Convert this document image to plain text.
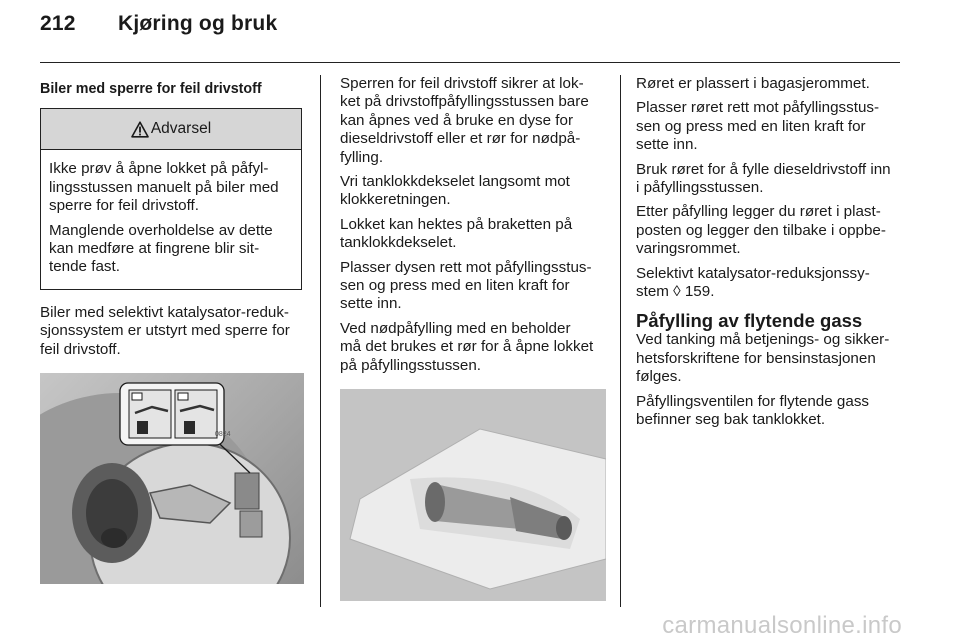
212 Kjøring og bruk
Biler med sperre for feil drivstoff
Advarsel

Ikke prøv å åpne lokket på påfyl-
lingsstussen manuelt på biler med
sperre for feil drivstoff.

Manglende overholdelse av dette
kan medføre at fingrene blir sit-
tende fast.

Biler med selektivt katalysator-reduk-
sjonssystem er utstyrt med sperre for
feil drivstoff.

0824

Sperren for feil drivstoff sikrer at lok-
ket på drivstoffpåfyllingsstussen bare
kan åpnes ved å bruke en dyse for
dieseldrivstoff eller et rør for nødpå-
fylling.

Vri tanklokkdekselet langsomt mot
klokkeretningen.

Lokket kan hektes på braketten på
tanklokkdekselet.

Plasser dysen rett mot påfyllingsstus-
sen og press med en liten kraft for
sette inn.

Ved nødpåfylling med en beholder
må det brukes et rør for å åpne lokket
på påfyllingsstussen.

Røret er plassert i bagasjerommet.

Plasser røret rett mot påfyllingsstus-
sen og press med en liten kraft for
sette inn.

Bruk røret for å fylle dieseldrivstoff inn
i påfyllingsstussen.

Etter påfylling legger du røret i plast-
posten og legger den tilbake i oppbe-
varingsrommet.

Selektivt katalysator-reduksjonssy-
stem ◊ 159.

Påfylling av flytende gass

Ved tanking må betjenings- og sikker-
hetsforskriftene for bensinstasjonen
følges.

Påfyllingsventilen for flytende gass
befinner seg bak tanklokket.

carmanualsonline.info
